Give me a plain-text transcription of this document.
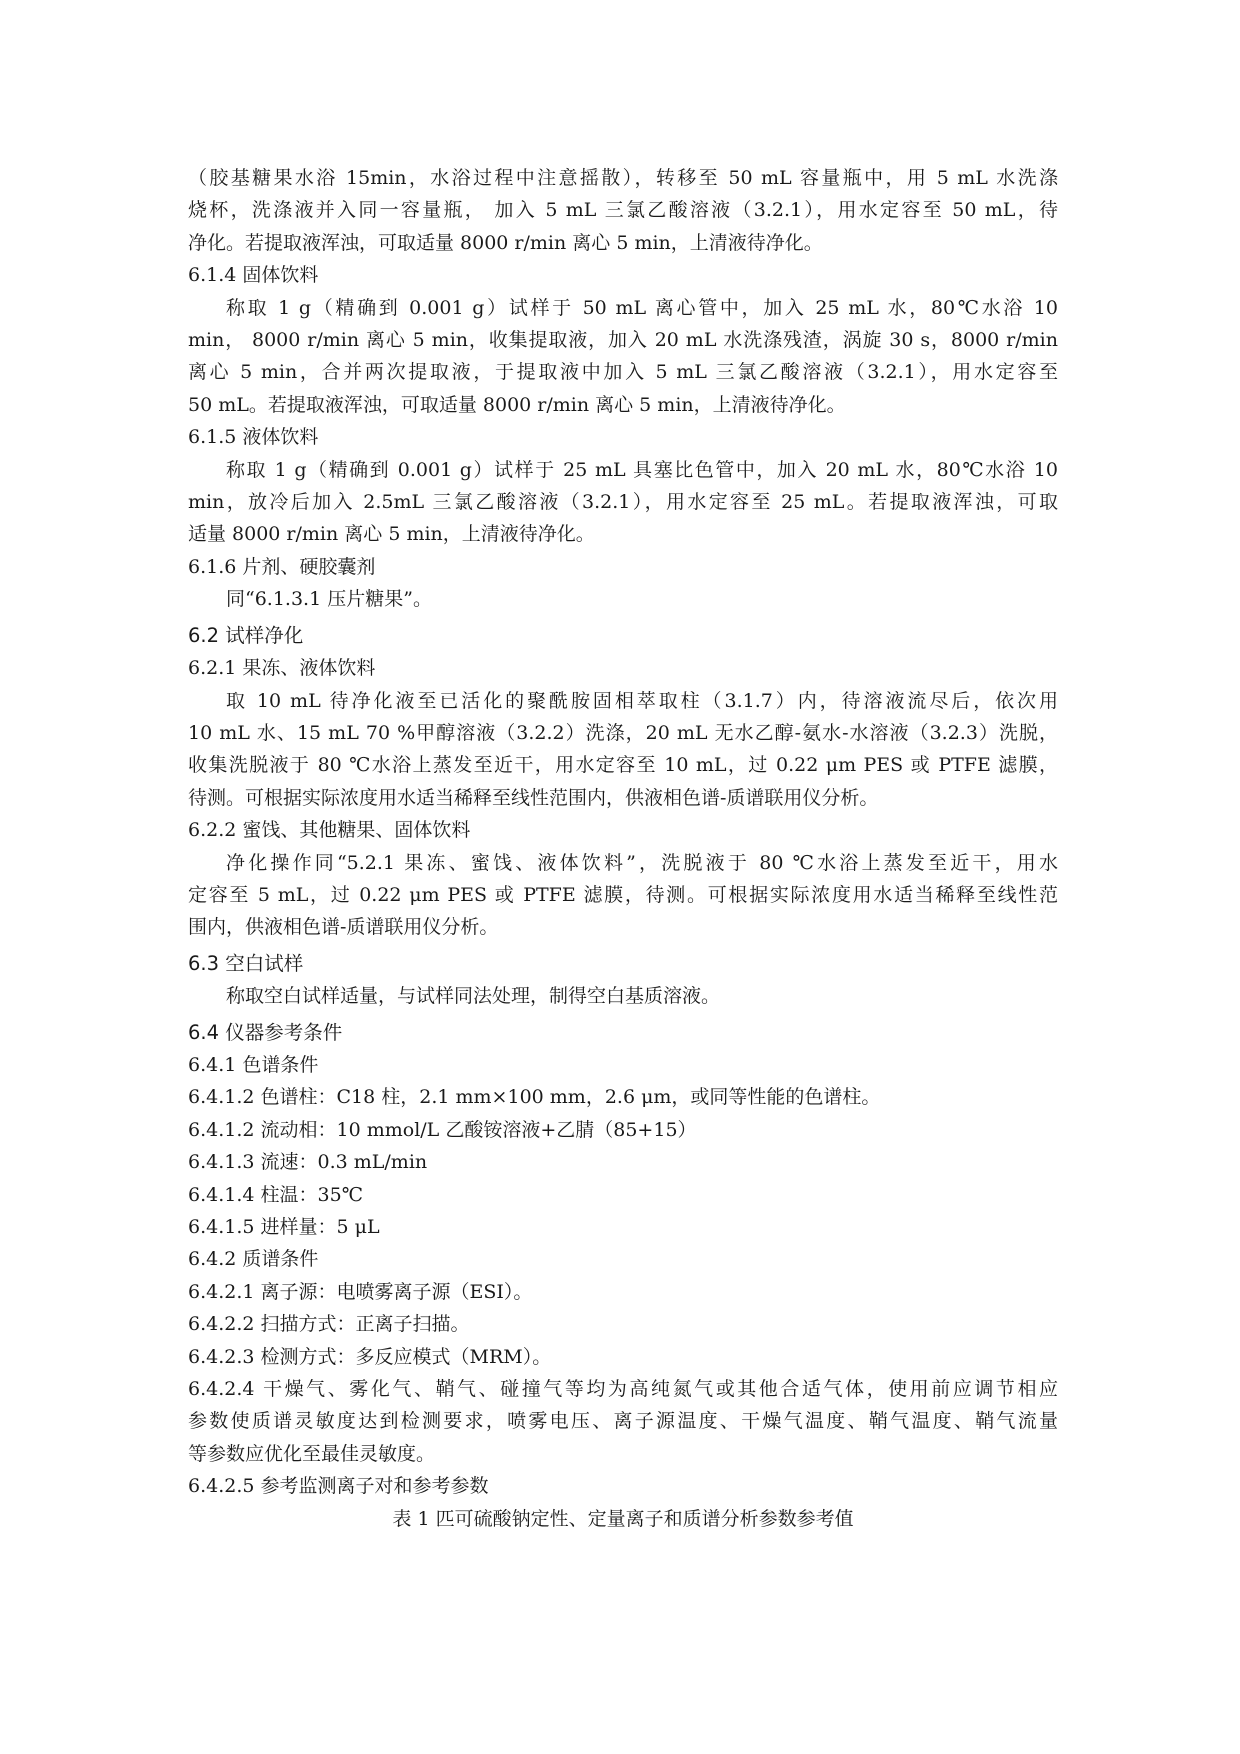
（胶基糖果水浴 15min，水浴过程中注意摇散），转移至 50 mL 容量瓶中，用 5 mL 水洗涤

烧杯，洗涤液并入同一容量瓶， 加入 5 mL 三氯乙酸溶液（3.2.1），用水定容至 50 mL，待

净化。若提取液浑浊，可取适量 8000 r/min 离心 5 min，上清液待净化。

6.1.4 固体饮料

称取 1 g（精确到 0.001 g）试样于 50 mL 离心管中，加入 25 mL 水，80℃水浴 10

min， 8000 r/min 离心 5 min，收集提取液，加入 20 mL 水洗涤残渣，涡旋 30 s，8000 r/min

离心 5 min，合并两次提取液，于提取液中加入 5 mL 三氯乙酸溶液（3.2.1），用水定容至

50 mL。若提取液浑浊，可取适量 8000 r/min 离心 5 min，上清液待净化。

6.1.5 液体饮料

称取 1 g（精确到 0.001 g）试样于 25 mL 具塞比色管中，加入 20 mL 水，80℃水浴 10

min，放冷后加入 2.5mL 三氯乙酸溶液（3.2.1），用水定容至 25 mL。若提取液浑浊，可取

适量 8000 r/min 离心 5 min，上清液待净化。

6.1.6 片剂、硬胶囊剂

同“6.1.3.1 压片糖果”。

6.2 试样净化

6.2.1 果冻、液体饮料

取 10 mL 待净化液至已活化的聚酰胺固相萃取柱（3.1.7）内，待溶液流尽后，依次用

10 mL 水、15 mL 70 %甲醇溶液（3.2.2）洗涤，20 mL 无水乙醇-氨水-水溶液（3.2.3）洗脱，

收集洗脱液于 80 ℃水浴上蒸发至近干，用水定容至 10 mL，过 0.22 μm PES 或 PTFE 滤膜，

待测。可根据实际浓度用水适当稀释至线性范围内，供液相色谱-质谱联用仪分析。

6.2.2 蜜饯、其他糖果、固体饮料

净化操作同“5.2.1 果冻、蜜饯、液体饮料”，洗脱液于 80 ℃水浴上蒸发至近干，用水

定容至 5 mL，过 0.22 μm PES 或 PTFE 滤膜，待测。可根据实际浓度用水适当稀释至线性范

围内，供液相色谱-质谱联用仪分析。

6.3 空白试样

称取空白试样适量，与试样同法处理，制得空白基质溶液。

6.4 仪器参考条件

6.4.1 色谱条件

6.4.1.2 色谱柱：C18 柱，2.1 mm×100 mm，2.6 μm，或同等性能的色谱柱。

6.4.1.2 流动相：10 mmol/L 乙酸铵溶液+乙腈（85+15）

6.4.1.3 流速：0.3 mL/min

6.4.1.4 柱温：35℃

6.4.1.5 进样量：5 μL

6.4.2 质谱条件

6.4.2.1 离子源：电喷雾离子源（ESI）。

6.4.2.2 扫描方式：正离子扫描。

6.4.2.3 检测方式：多反应模式（MRM）。

6.4.2.4 干燥气、雾化气、鞘气、碰撞气等均为高纯氮气或其他合适气体，使用前应调节相应

参数使质谱灵敏度达到检测要求，喷雾电压、离子源温度、干燥气温度、鞘气温度、鞘气流量

等参数应优化至最佳灵敏度。

6.4.2.5 参考监测离子对和参考参数

表 1 匹可硫酸钠定性、定量离子和质谱分析参数参考值
